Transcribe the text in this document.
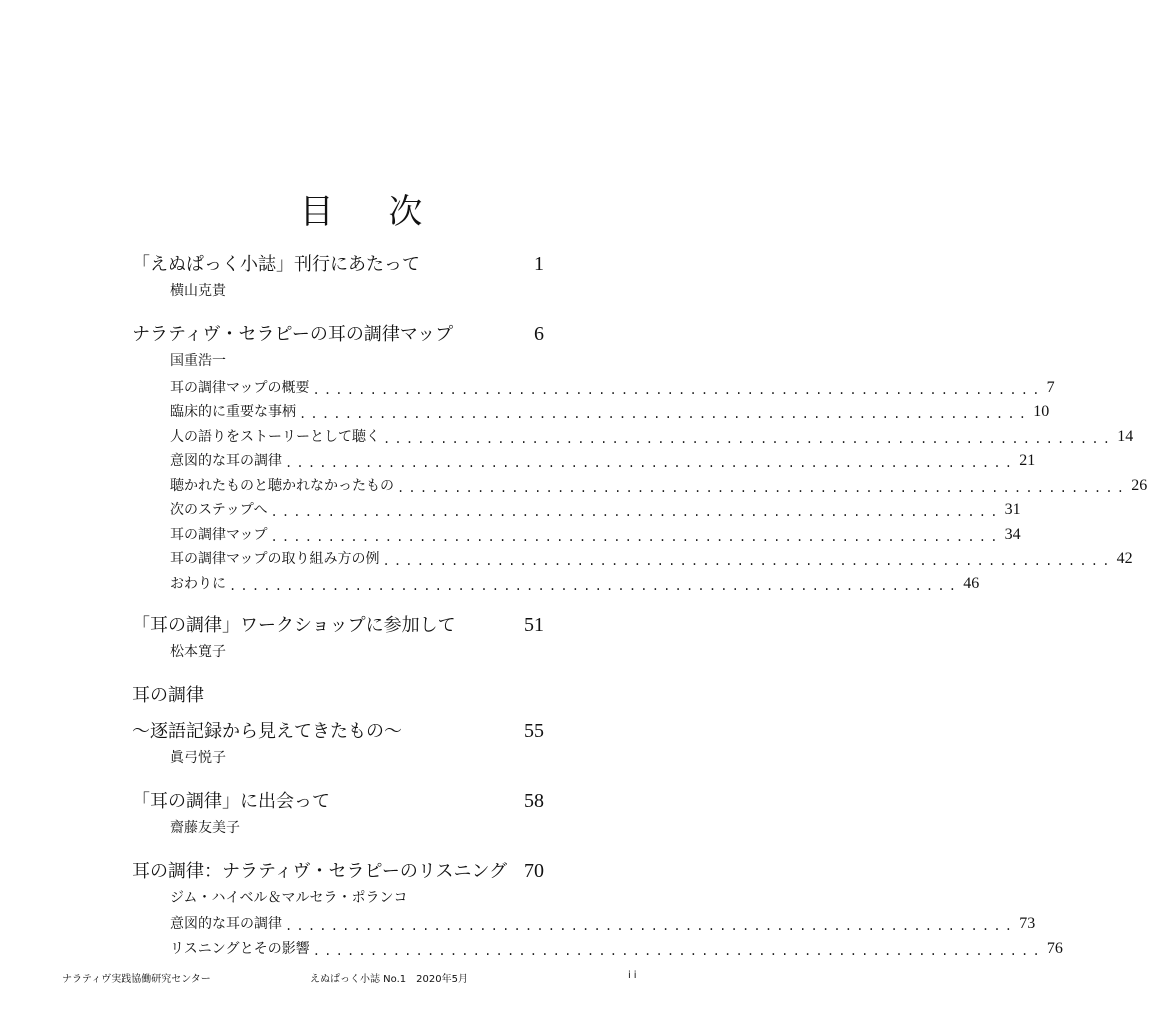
目 次
「えぬぱっく小誌」刊行にあたって	1
横山克貴
ナラティヴ・セラピーの耳の調律マップ	6
国重浩一
耳の調律マップの概要 ................................................................ 7
臨床的に重要な事柄 ................................................................ 10
人の語りをストーリーとして聴く ................................................................ 14
意図的な耳の調律 ................................................................ 21
聴かれたものと聴かれなかったもの ................................................................ 26
次のステップへ ................................................................ 31
耳の調律マップ ................................................................ 34
耳の調律マップの取り組み方の例 ................................................................ 42
おわりに ................................................................ 46
「耳の調律」ワークショップに参加して	51
松本寛子
耳の調律
～逐語記録から見えてきたもの～	55
眞弓悦子
「耳の調律」に出会って	58
齋藤友美子
耳の調律：ナラティヴ・セラピーのリスニング 70
ジム・ハイベル＆マルセラ・ポランコ
意図的な耳の調律 ................................................................ 73
リスニングとその影響 ................................................................ 76
ナラティヴ実践協働研究センター	えぬぱっく小誌 No.1　2020年5月	ii
